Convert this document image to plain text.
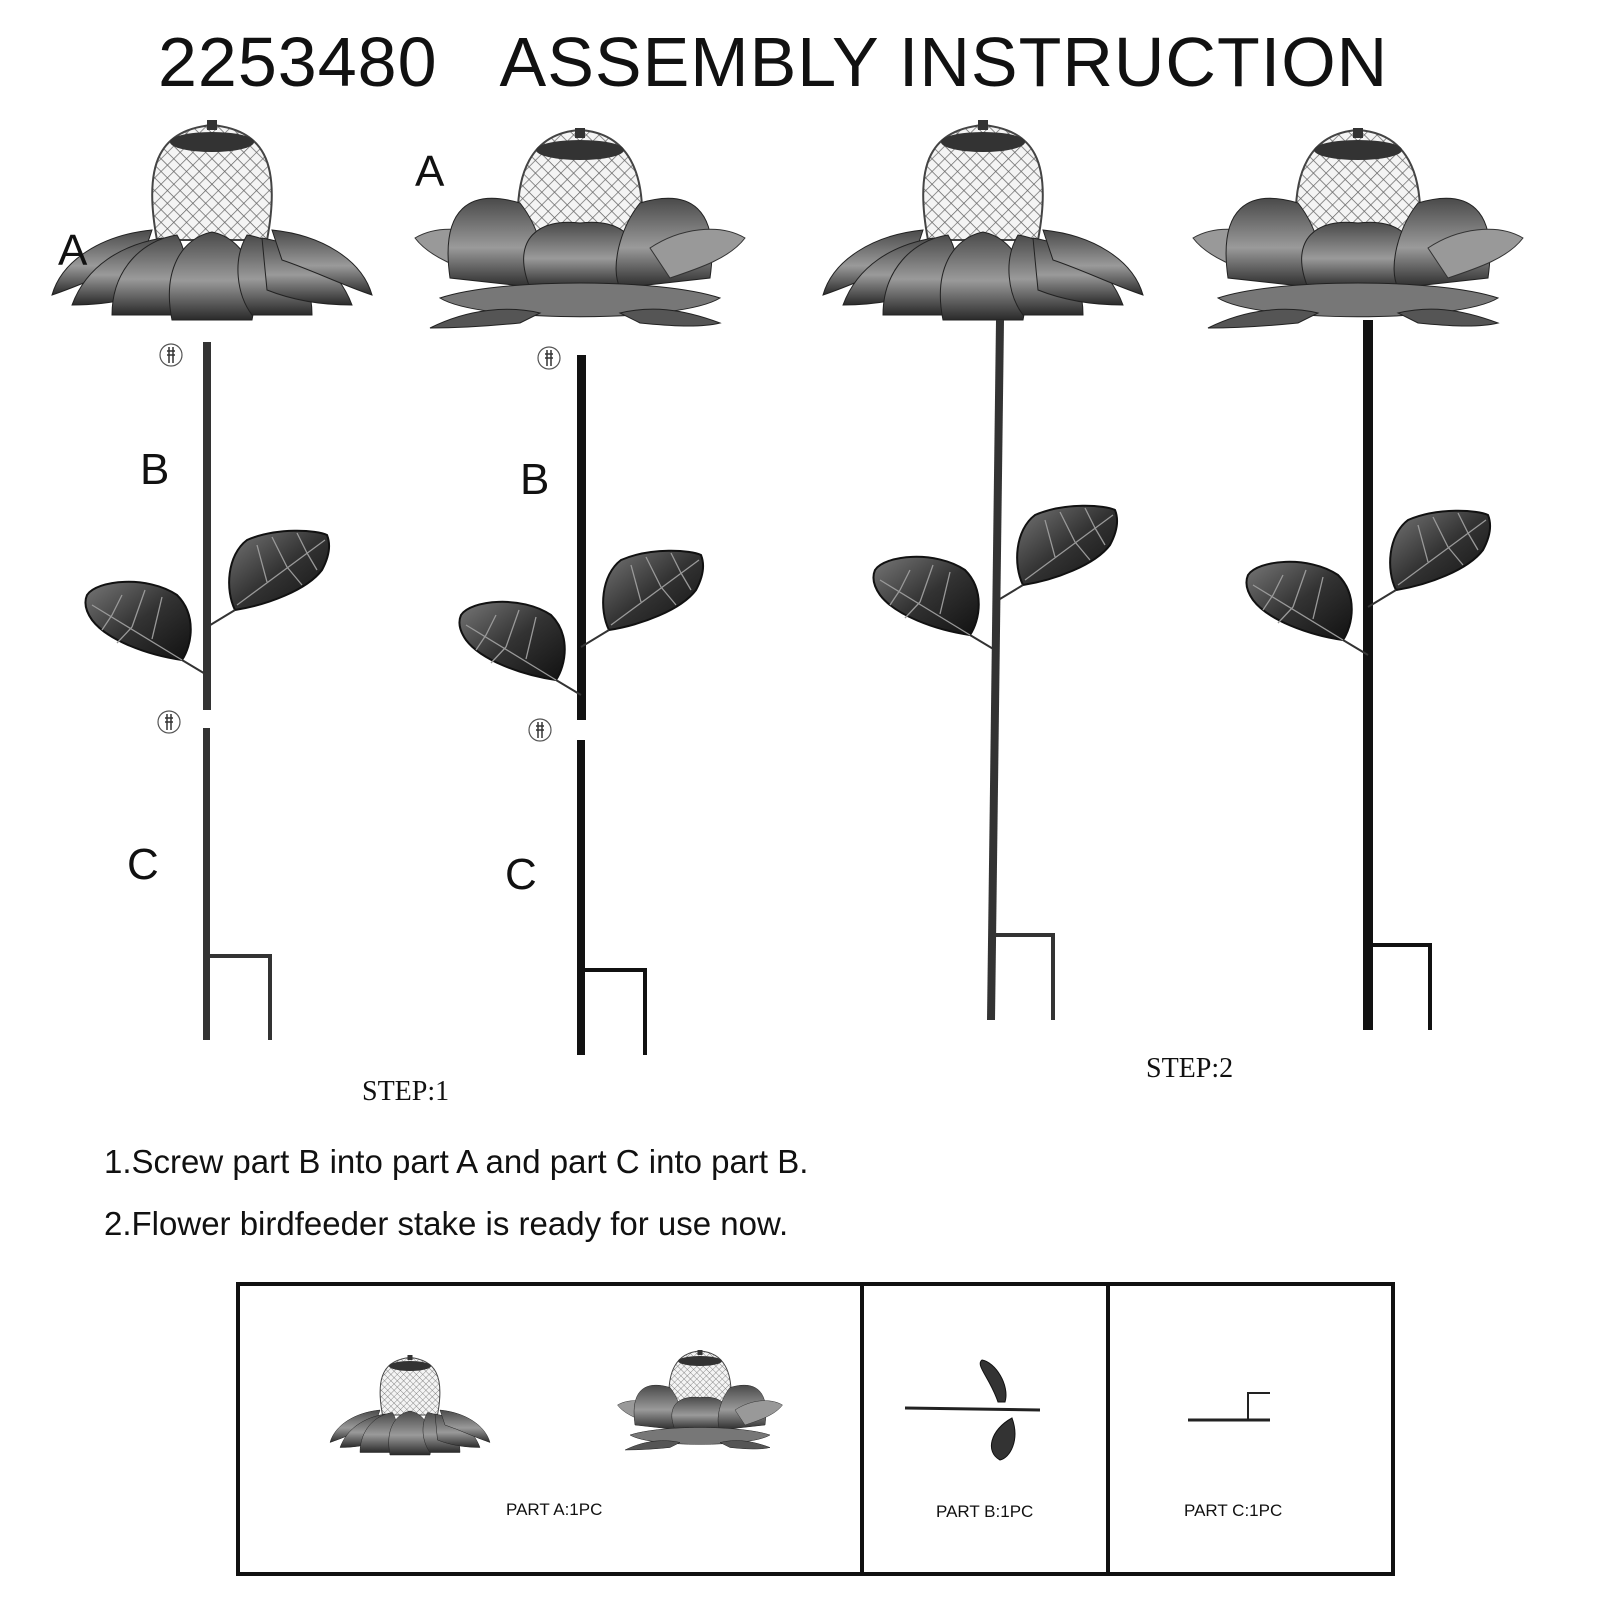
2253480 ASSEMBLY INSTRUCTION
A
B
C
A
B
C
STEP:1
STEP:2
1.Screw part B into part A and part C into part B.
2.Flower birdfeeder stake is ready for use now.
PART A:1PC	PART B:1PC	PART C:1PC
